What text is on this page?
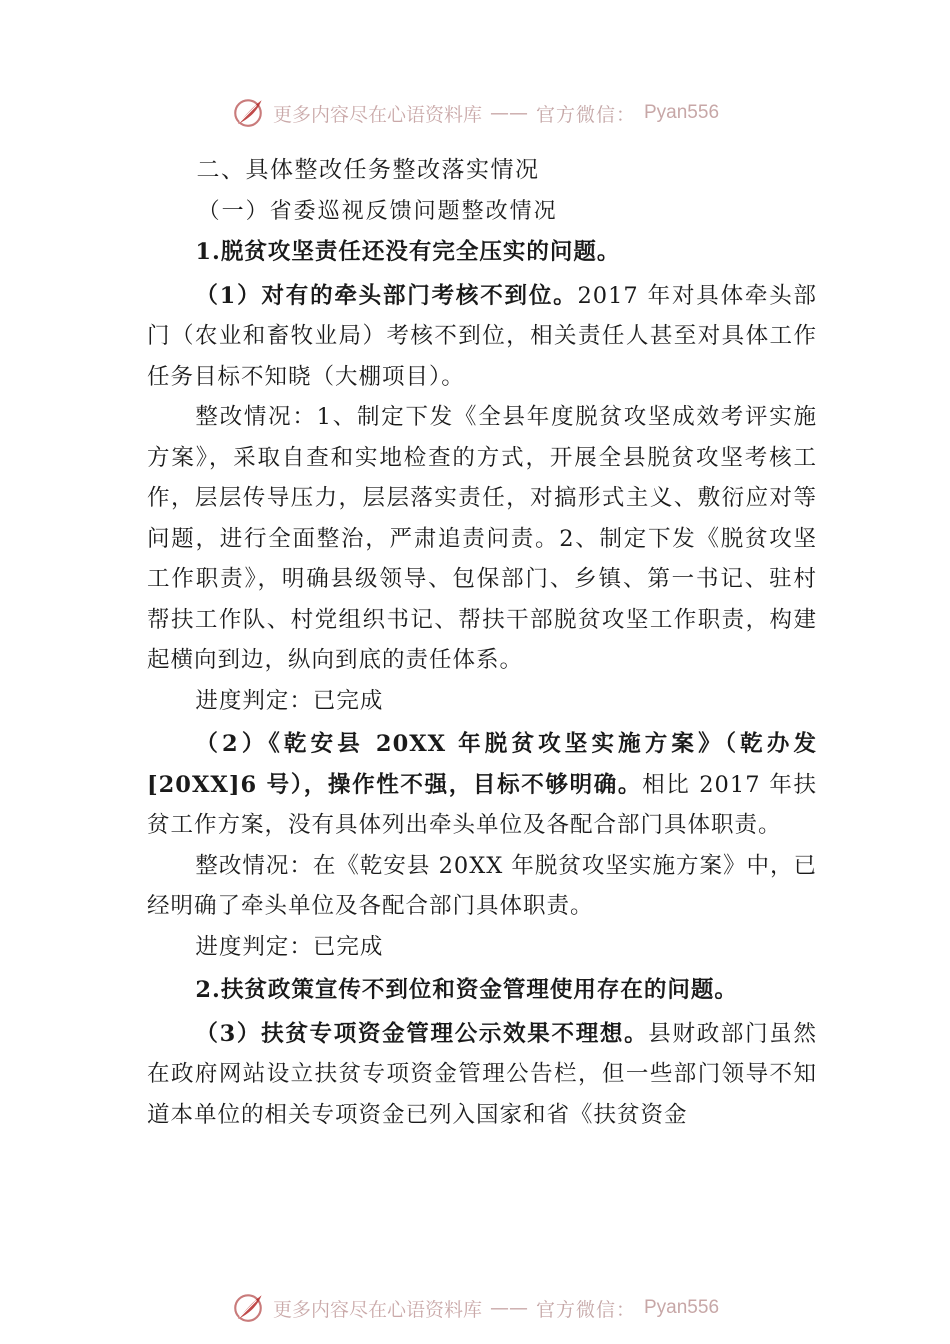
更多内容尽在心语资料库 —— 官方微信： Pyan556

二、具体整改任务整改落实情况

（一）省委巡视反馈问题整改情况

1.脱贫攻坚责任还没有完全压实的问题。

（1）对有的牵头部门考核不到位。2017 年对具体牵头部门（农业和畜牧业局）考核不到位，相关责任人甚至对具体工作任务目标不知晓（大棚项目）。

整改情况：1、制定下发《全县年度脱贫攻坚成效考评实施方案》，采取自查和实地检查的方式，开展全县脱贫攻坚考核工作，层层传导压力，层层落实责任，对搞形式主义、敷衍应对等问题，进行全面整治，严肃追责问责。2、制定下发《脱贫攻坚工作职责》，明确县级领导、包保部门、乡镇、第一书记、驻村帮扶工作队、村党组织书记、帮扶干部脱贫攻坚工作职责，构建起横向到边，纵向到底的责任体系。

进度判定：已完成

（2）《乾安县 20XX 年脱贫攻坚实施方案》（乾办发[20XX]6 号），操作性不强，目标不够明确。相比 2017 年扶贫工作方案，没有具体列出牵头单位及各配合部门具体职责。

整改情况：在《乾安县 20XX 年脱贫攻坚实施方案》中，已经明确了牵头单位及各配合部门具体职责。

进度判定：已完成

2.扶贫政策宣传不到位和资金管理使用存在的问题。

（3）扶贫专项资金管理公示效果不理想。县财政部门虽然在政府网站设立扶贫专项资金管理公告栏，但一些部门领导不知道本单位的相关专项资金已列入国家和省《扶贫资金

更多内容尽在心语资料库 —— 官方微信： Pyan556
